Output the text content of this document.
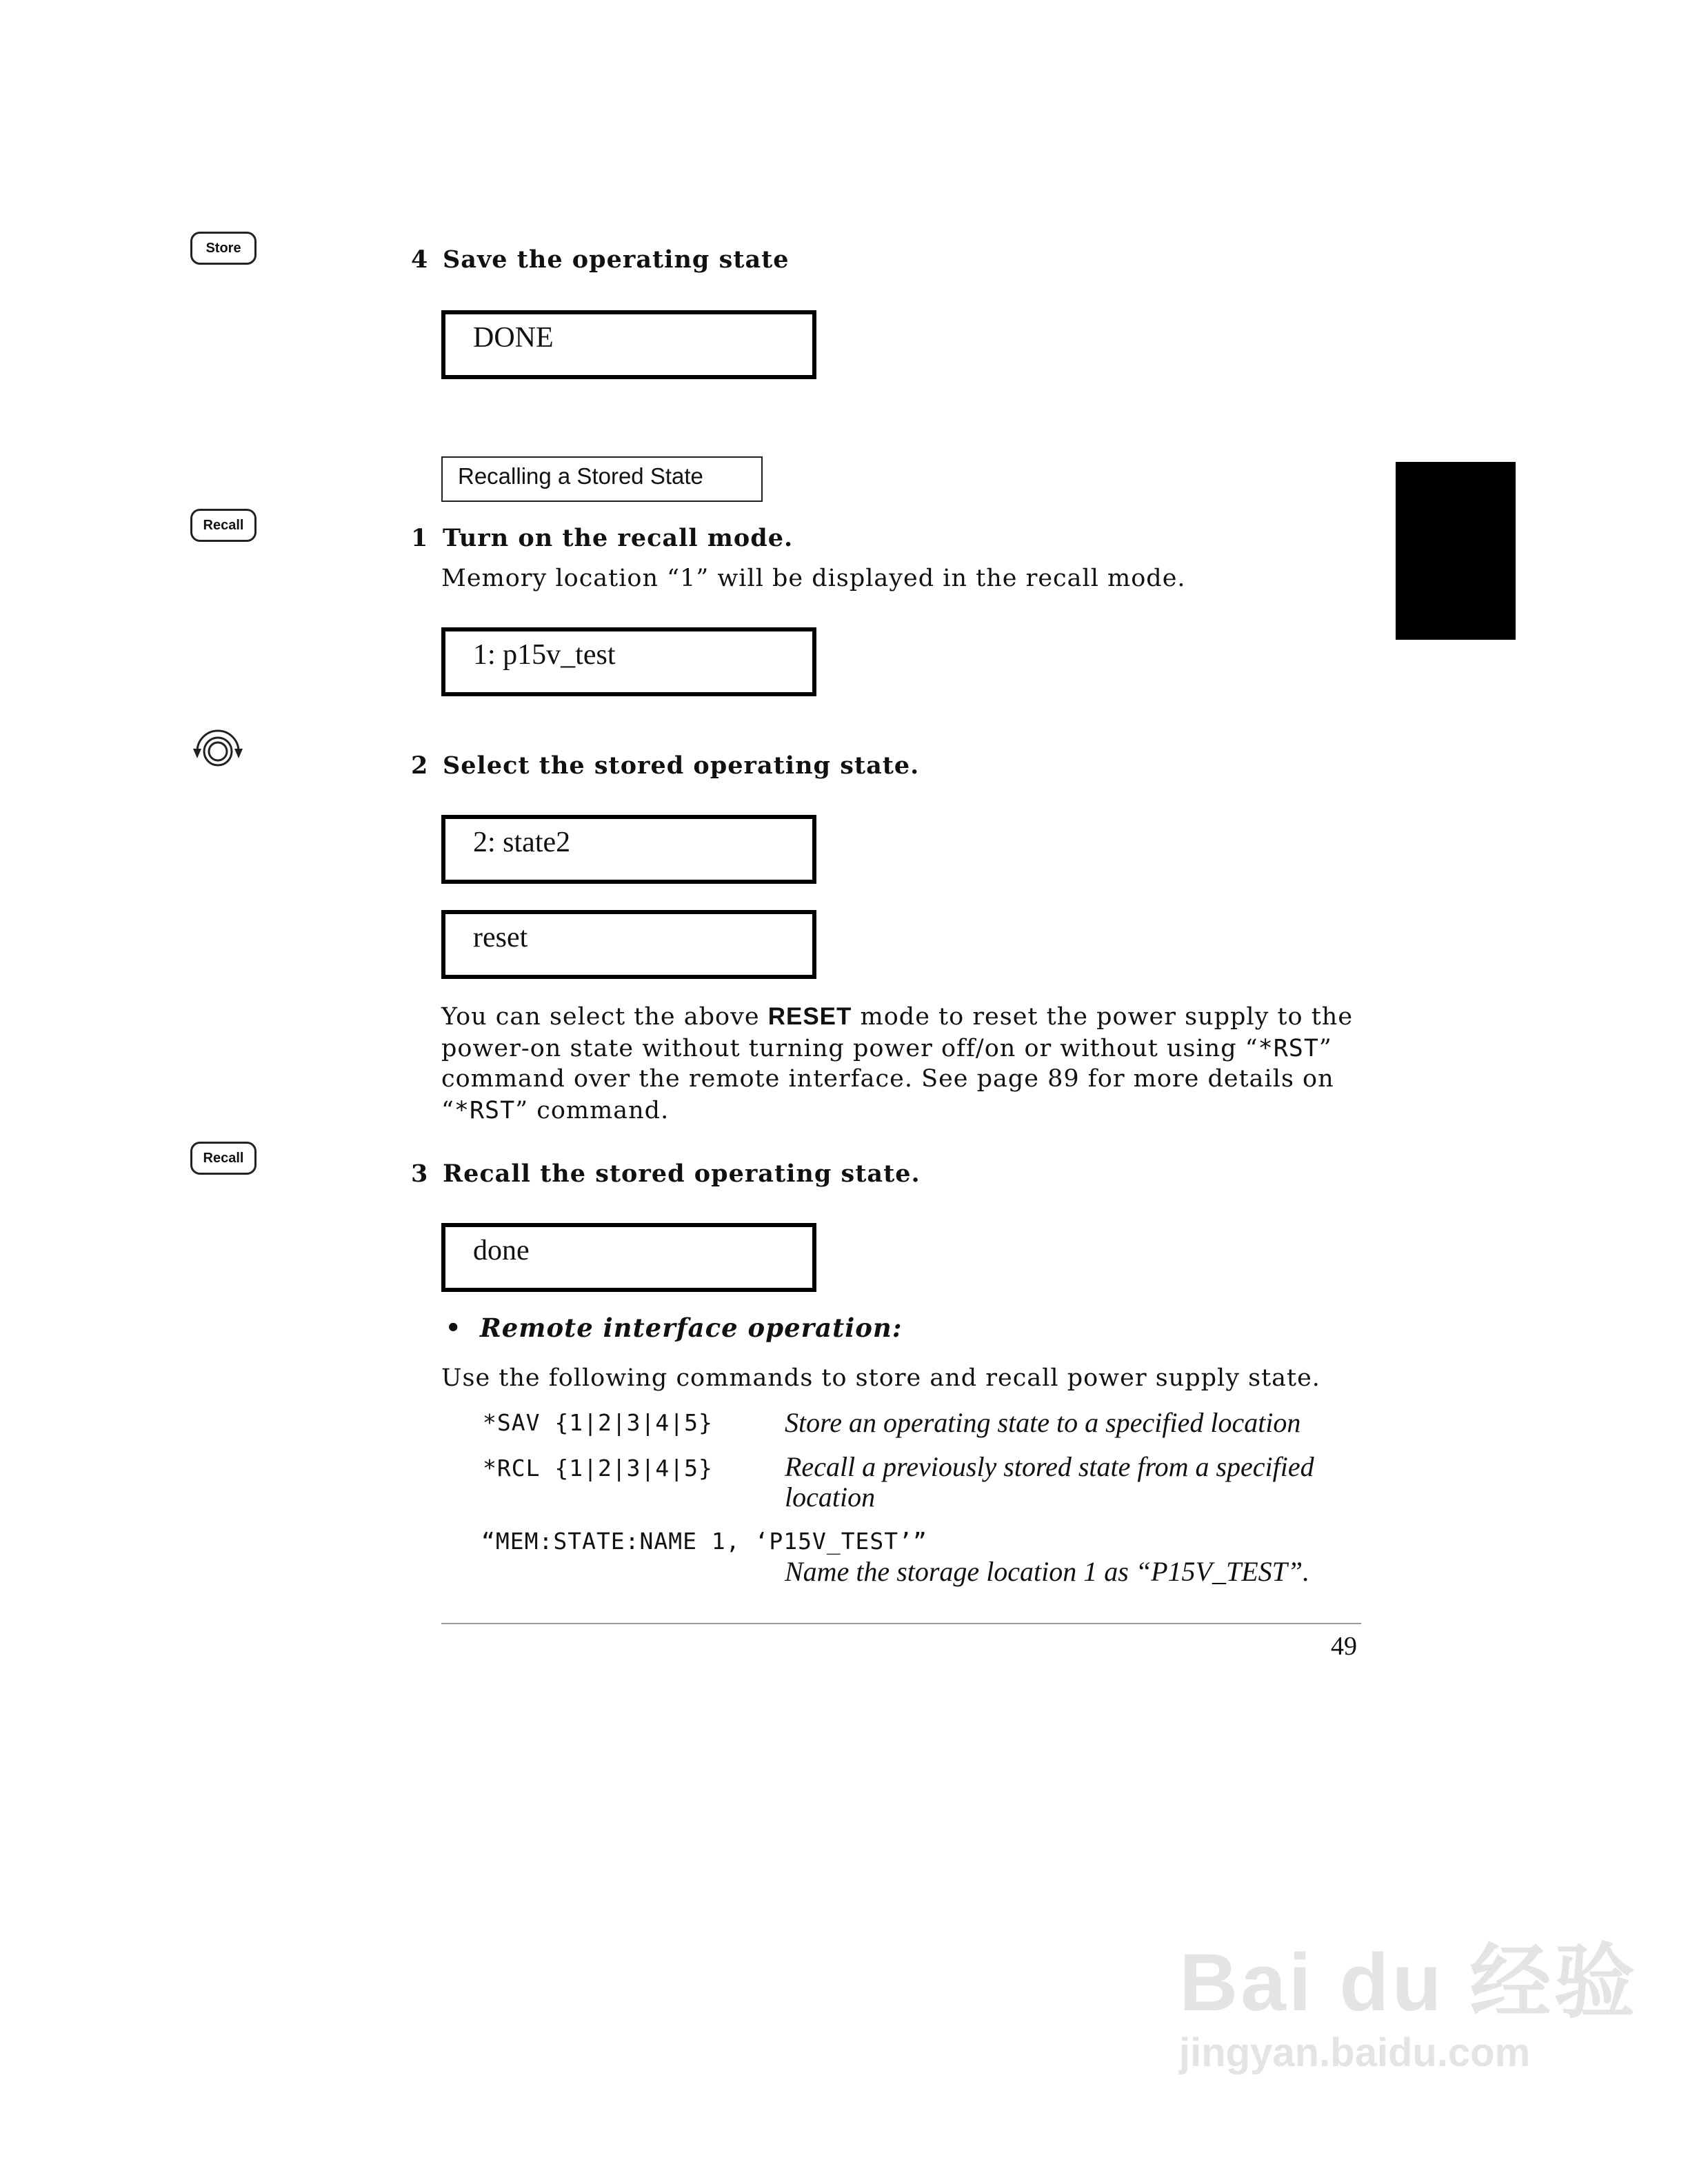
Store
Recall
Recall
4 Save the operating state
DONE
Recalling a Stored State
1 Turn on the recall mode.
Memory location “1” will be displayed in the recall mode.
1: p15v_test
2 Select the stored operating state.
2: state2
reset
You can select the above RESET mode to reset the power supply to the
power-on state without turning power off/on or without using “*RST”
command over the remote interface. See page 89 for more details on
“*RST” command.
3 Recall the stored operating state.
done
• Remote interface operation:
Use the following commands to store and recall power supply state.
*SAV {1|2|3|4|5}	Store an operating state to a specified location
*RCL {1|2|3|4|5}	Recall a previously stored state from a specified
location
“MEM:STATE:NAME 1, ‘P15V_TEST’”
Name the storage location 1 as “P15V_TEST”.
49
Bai du 经验
jingyan.baidu.com
